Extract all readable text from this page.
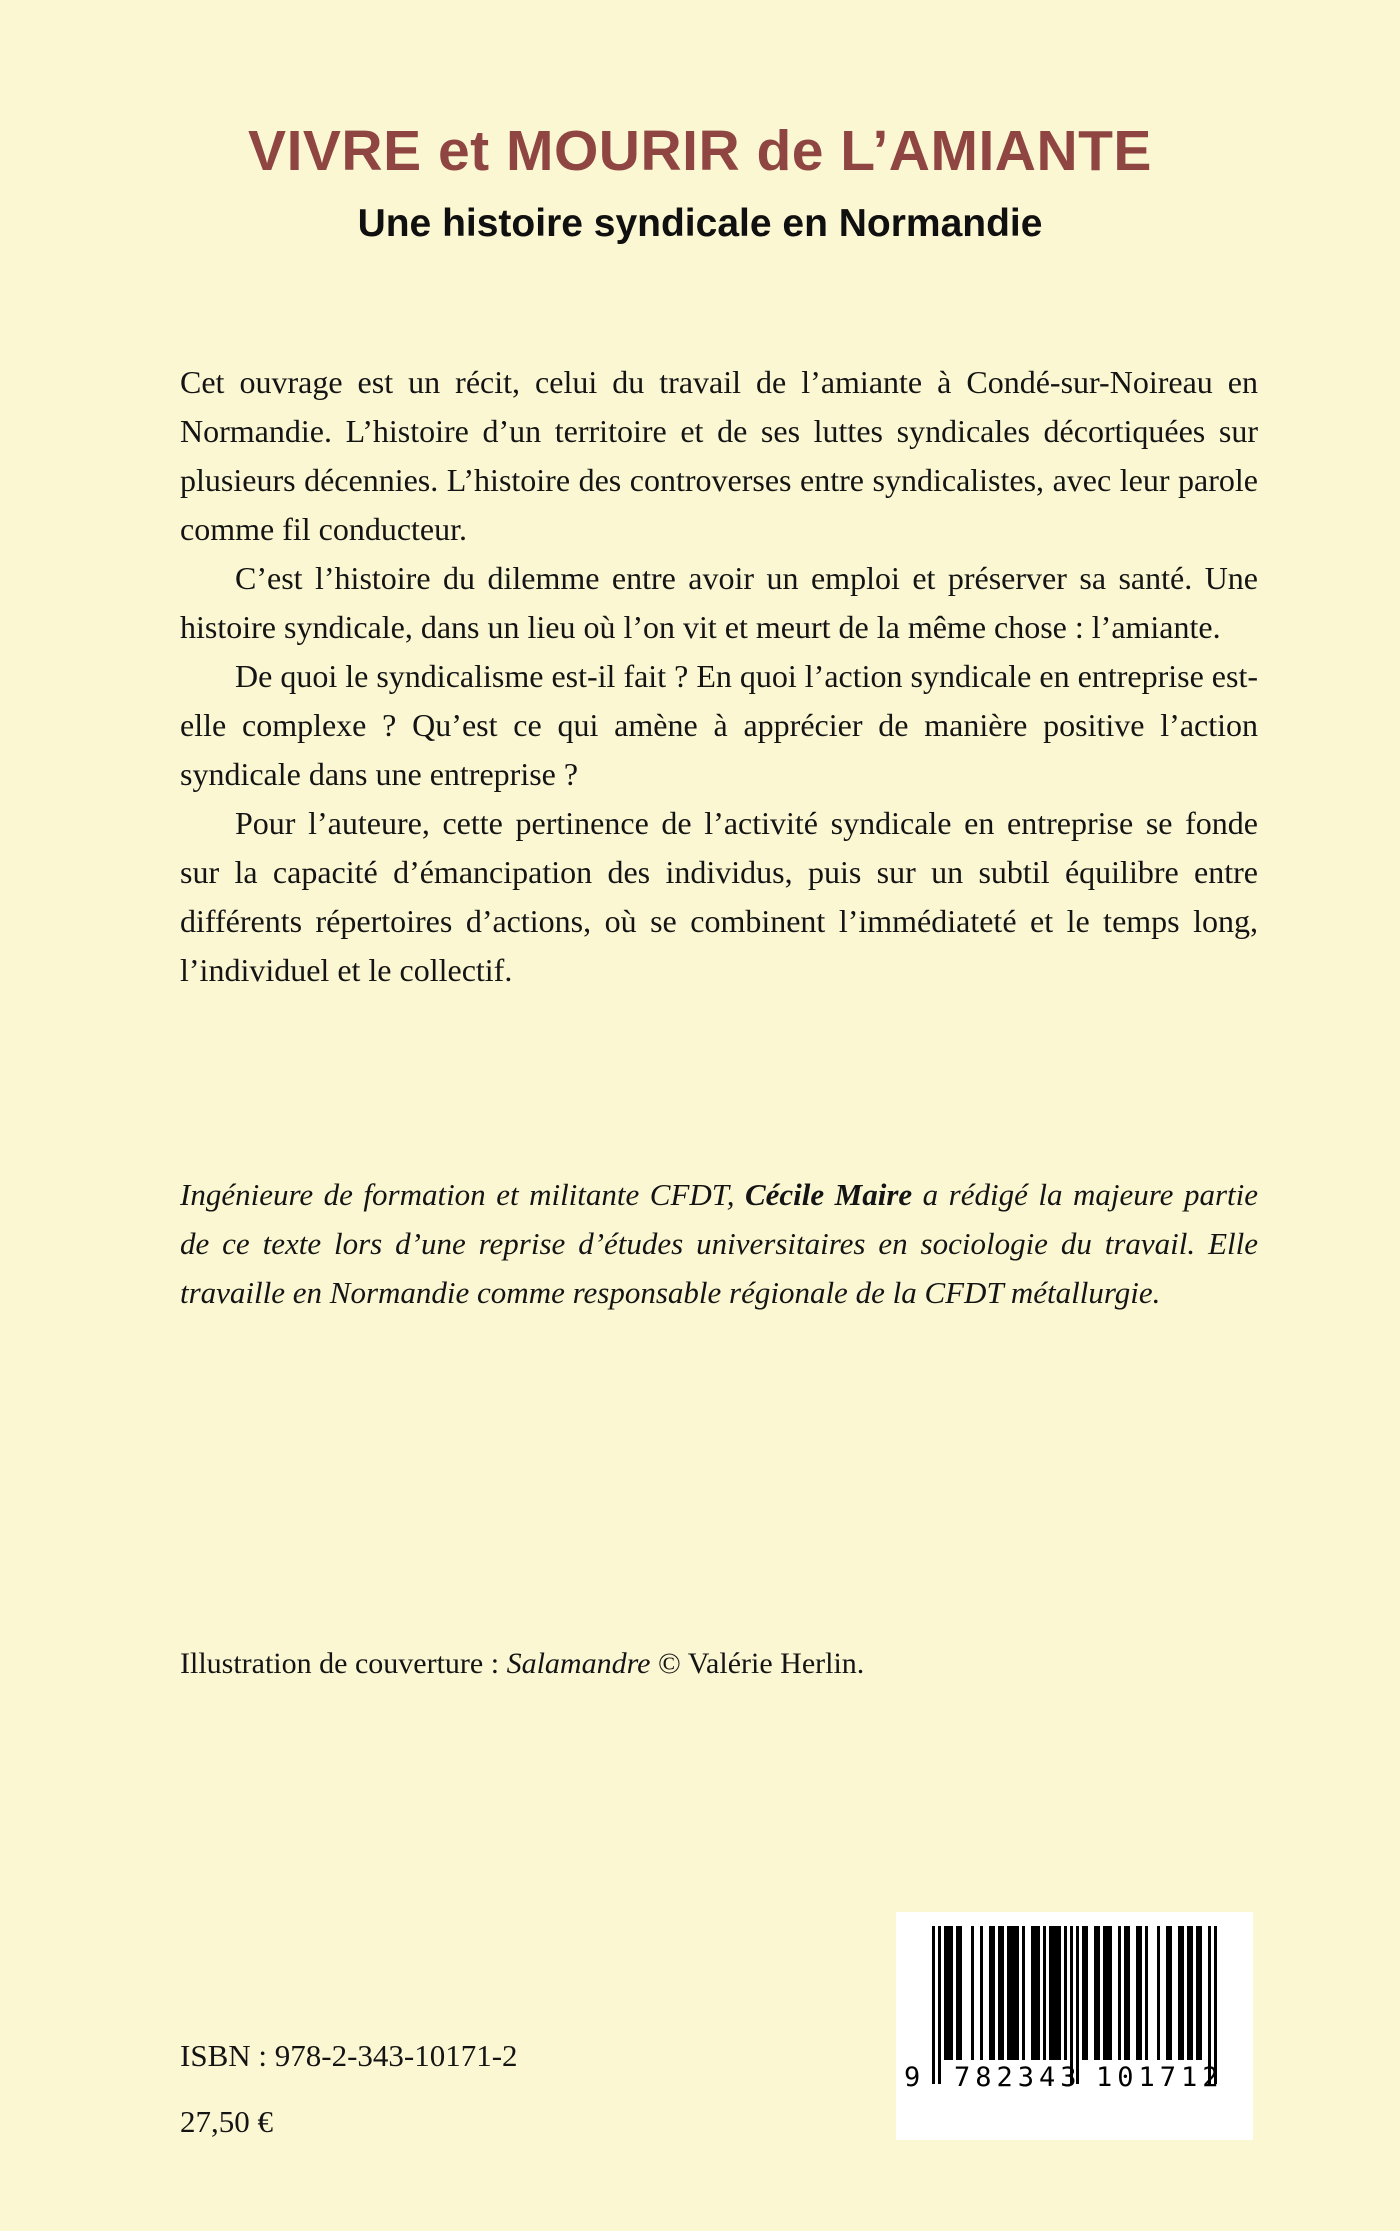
VIVRE et MOURIR de L’AMIANTE
Une histoire syndicale en Normandie

Cet ouvrage est un récit, celui du travail de l’amiante à Condé-sur-Noireau en Normandie. L’histoire d’un territoire et de ses luttes syndicales décortiquées sur plusieurs décennies. L’histoire des controverses entre syndicalistes, avec leur parole comme fil conducteur.

C’est l’histoire du dilemme entre avoir un emploi et préserver sa santé. Une histoire syndicale, dans un lieu où l’on vit et meurt de la même chose : l’amiante.

De quoi le syndicalisme est-il fait ? En quoi l’action syndicale en entreprise est-elle complexe ? Qu’est ce qui amène à apprécier de manière positive l’action syndicale dans une entreprise ?

Pour l’auteure, cette pertinence de l’activité syndicale en entreprise se fonde sur la capacité d’émancipation des individus, puis sur un subtil équilibre entre différents répertoires d’actions, où se combinent l’immédiateté et le temps long, l’individuel et le collectif.

Ingénieure de formation et militante CFDT, Cécile Maire a rédigé la majeure partie de ce texte lors d’une reprise d’études universitaires en sociologie du travail. Elle travaille en Normandie comme responsable régionale de la CFDT métallurgie.

Illustration de couverture : Salamandre © Valérie Herlin.

ISBN : 978-2-343-10171-2

27,50 €

9 782343 101712
